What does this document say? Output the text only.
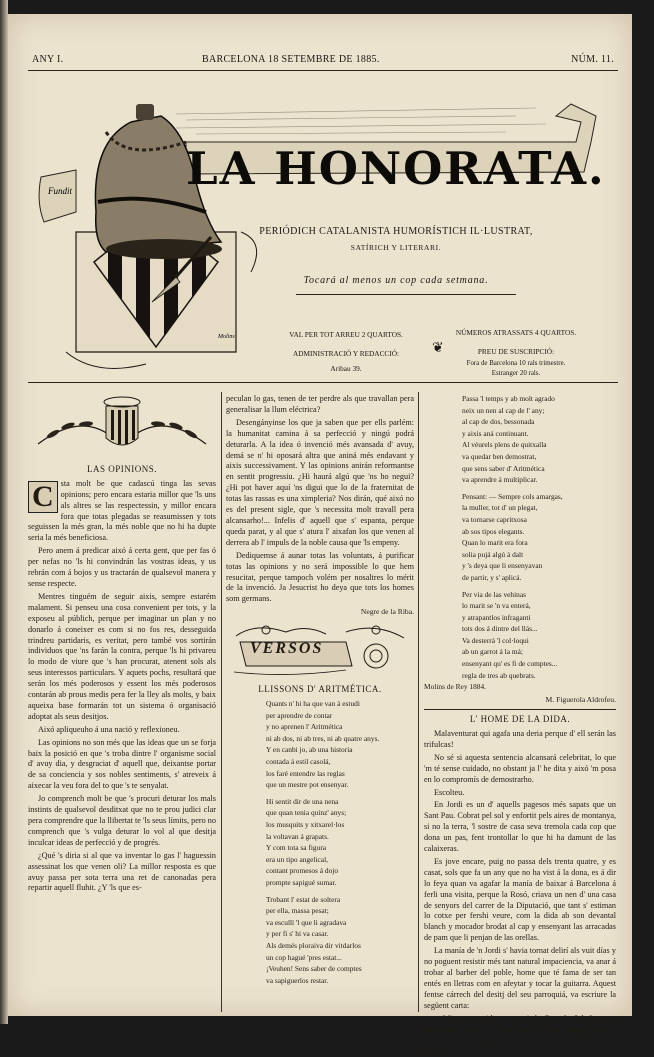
ANY I.	BARCELONA 18 SETEMBRE DE 1885.	NÚM. 11.
Fundit
Molins
LA HONORATA.
PERIÓDICH CATALANISTA HUMORÍSTICH IL·LUSTRAT,
SATÍRICH Y LITERARI.
Tocará al menos un cop cada setmana.
VAL PER TOT ARREU 2 QUARTOS.
ADMINISTRACIÓ Y REDACCIÓ:
Aribau 39.
❦
NÚMEROS ATRASSATS 4 QUARTOS.
PREU DE SUSCRIPCIÓ:
Fora de Barcelona 10 rals trimestre.
Estranger 20 rals.

LAS OPINIONS.

C sta molt be que cadascú tinga las sevas opinions; pero encara estaria millor que 'ls uns als altres se las respectessin, y millor encara fora que totas plegadas se reasumissen y tots seguissen la més gran, la més noble que no hi ha dupte seria la més beneficiosa.

Pero anem á predicar aixó á certa gent, que per fas ó per nefas no 'ls hi convindrán las vostras ideas, y us rebrán com á bojos y us tractarán de qualsevol manera y sense respecte.

Mentres tinguém de seguir aixis, sempre estarém malament. Si penseu una cosa convenient per tots, y la exposeu al públich, perque per imaginar un plan y no donarlo á coneixer es com si no fos res, desseguida trindreu partidaris, es veritat, pero també vos sortirán individuos que 'ns farán la contra, perque 'ls hi privareu lo modo de viure que 's han procurat, atenent sols als seus interessos particulars. Y aquets pochs, resultará que serán los més poderosos y essent los més poderosos contarán ab prous medis pera fer la lley als molts, y baix aqueixa base formarán tot un sistema ó organisació adoptat als seus desitjos.

Aixó apliqueuho á una nació y reflexioneu.

Las opinions no son més que las ideas que un se forja baix la posició en que 's troba dintre l' organisme social d' avuy dia, y desgraciat d' aquell que, deixantse portar de sa conciencia y sos nobles sentiments, s' atreveix á aixecar la veu fora del to que 's te senyalat.

Jo comprench molt be que 's procuri deturar los mals instints de qualsevol desditxat que no te prou judici clar pera comprendre que la llibertat te 'ls seus límits, pero no comprench que 's vulga deturar lo vol al que desitja inculcar ideas de perfecció y de progrés.

¿Qué 's diria si al que va inventar lo gas l' haguessin assessinat los que venen oli? La millor resposta es que avuy passa per sota terra una ret de canonadas pera repartir aquell fluhit. ¿Y 'ls que es-

peculan lo gas, tenen de ter perdre als que travallan pera generalisar la llum eléctrica?

Desengányinse los que ja saben que per ells parlém: la humanitat camina á sa perfecció y ningú podrá deturarla. A la idea ó invenció més avansada d' avuy, demá se n' hi oposará altra que aniná més endavant y aixis successivament. Y las opinions anirán reformantse en sentit progressiu. ¿Hi haurá algú que 'ns ho negui? ¿Hi pot haver aquí 'ns digui que lo de la fraternitat de totas las rassas es una ximpleria? Nos dirán, qué aixó no es del present sigle, que 's necessita molt travall pera alcansarho!... Infelis d' aquell que s' espanta, perque queda parat, y al que s' atura l' aixafan los que venen al derrera ab l' impuls de la noble causa que 'ls empeny.

Dediquemse á aunar totas las voluntats, á purificar totas las opinions y no será impossible lo que hem resucitat, perque tampoch volém per nosaltres lo mérit de la invenció. Ja Jesucrist ho deya que tots los homes som germans.

Negre de la Riba.

VERSOS

LLISSONS D' ARITMÉTICA.

Quants n' hi ha que van á estudi

per aprendre de contar

y no aprenen l' Aritmética

ni ab dos, ni ab tres, ni ab quatre anys.

Y en canbi jo, ab una historia

contada á estil casolá,

los faré entendre las reglas

que un mestre pot ensenyar.

Hi sentit dir de una nena

que quan tenia quinz' anys;

los musquits y xitxarel·los

la voltavan á grapats.

Y com tota sa figura

era un tipo angelical,

contant promesos á dojo

prompte sapigué sumar.

Trobant l' estat de soltera

per ella, massa pesat;

va escullí 'l que li agradava

y per fi s' hi va casar.

Als demés ploraiva dir vitdarlos

un cop hagué 'pres estat...

¡Veuhen! Sens saber de comptes

va sapiguerlos restar.

Passa 'l temps y ab molt agrado

neix un nen al cap de l' any;

al cap de dos, bessonada

y aixis aná continuant.

Al véurels plens de quitxalla

va quedar ben demostrat,

que sens saber d' Aritmética

va aprendre á multiplicar.

Pensant: — Sempre cols amargas,

la muller, tot d' un plegat,

va tornarse capritxosa

ab sos tipos elegants.

Quan lo marit era fora

solia pujá algú á dalt

y 's deya que li ensenyavan

de partir, y s' aplicá.

Per via de las vehinas

lo marit se 'n va enterá,

y atrapantlos infraganti

tots dos á dintre del llás...

Va desterrá 'l col·loqui

ab un garrot á la má;

ensenyant qu' es fi de comptes...

regla de tres ab quebrats.

Molins de Rey 1884.

M. Figuerola Aldrofeu.

L' HOME DE LA DIDA.

Malaventurat qui agafa una deria perque d' ell serán las trifulcas!

No sé si aquesta sentencia alcansará celebritat, lo que 'm té sense cuidado, no obstant ja l' he dita y aixó 'm posa en lo compromís de demostrarho.

Escolteu.

En Jordi es un d' aquells pagesos més sapats que un Sant Pau. Cobrat pel sol y enfortit pels aires de montanya, si no la terra, 'l sostre de casa seva tremola cada cop que dona un pas, fent trontollar lo que hi ha damunt de las calaixeras.

Es jove encare, puig no passa dels trenta quatre, y es casat, sols que fa un any que no ha vist á la dona, es á dir lo feya quan va agafar la manía de baixar á Barcelona á ferli una visita, perque la Rosó, criava un nen d' una casa de senyors del carrer de la Diputació, que tant s' estiman lo cotxe per fershi veure, com la dida ab son devantal blanch y mocador brodat al cap y ensenyant las arracadas de pam que li penjan de las orellas.

La manía de 'n Jordi s' havia tornat delirí als vuit días y no poguent resistir més tant natural impaciencia, va anar á trobar al barber del poble, home que té fama de ser tan entés en lletras com en afeytar y tocar la guitarra. Aquest fentse cárrech del desitj del seu parroquiá, va escriure la següent carta:

« Mim uy cerida ya presiada Ros ó: Sabrás quay determinao bacar en Varzelona por dirte mucas quosas y berta por ce tengo mucas ganas de berta y dirte mucas quosas.
